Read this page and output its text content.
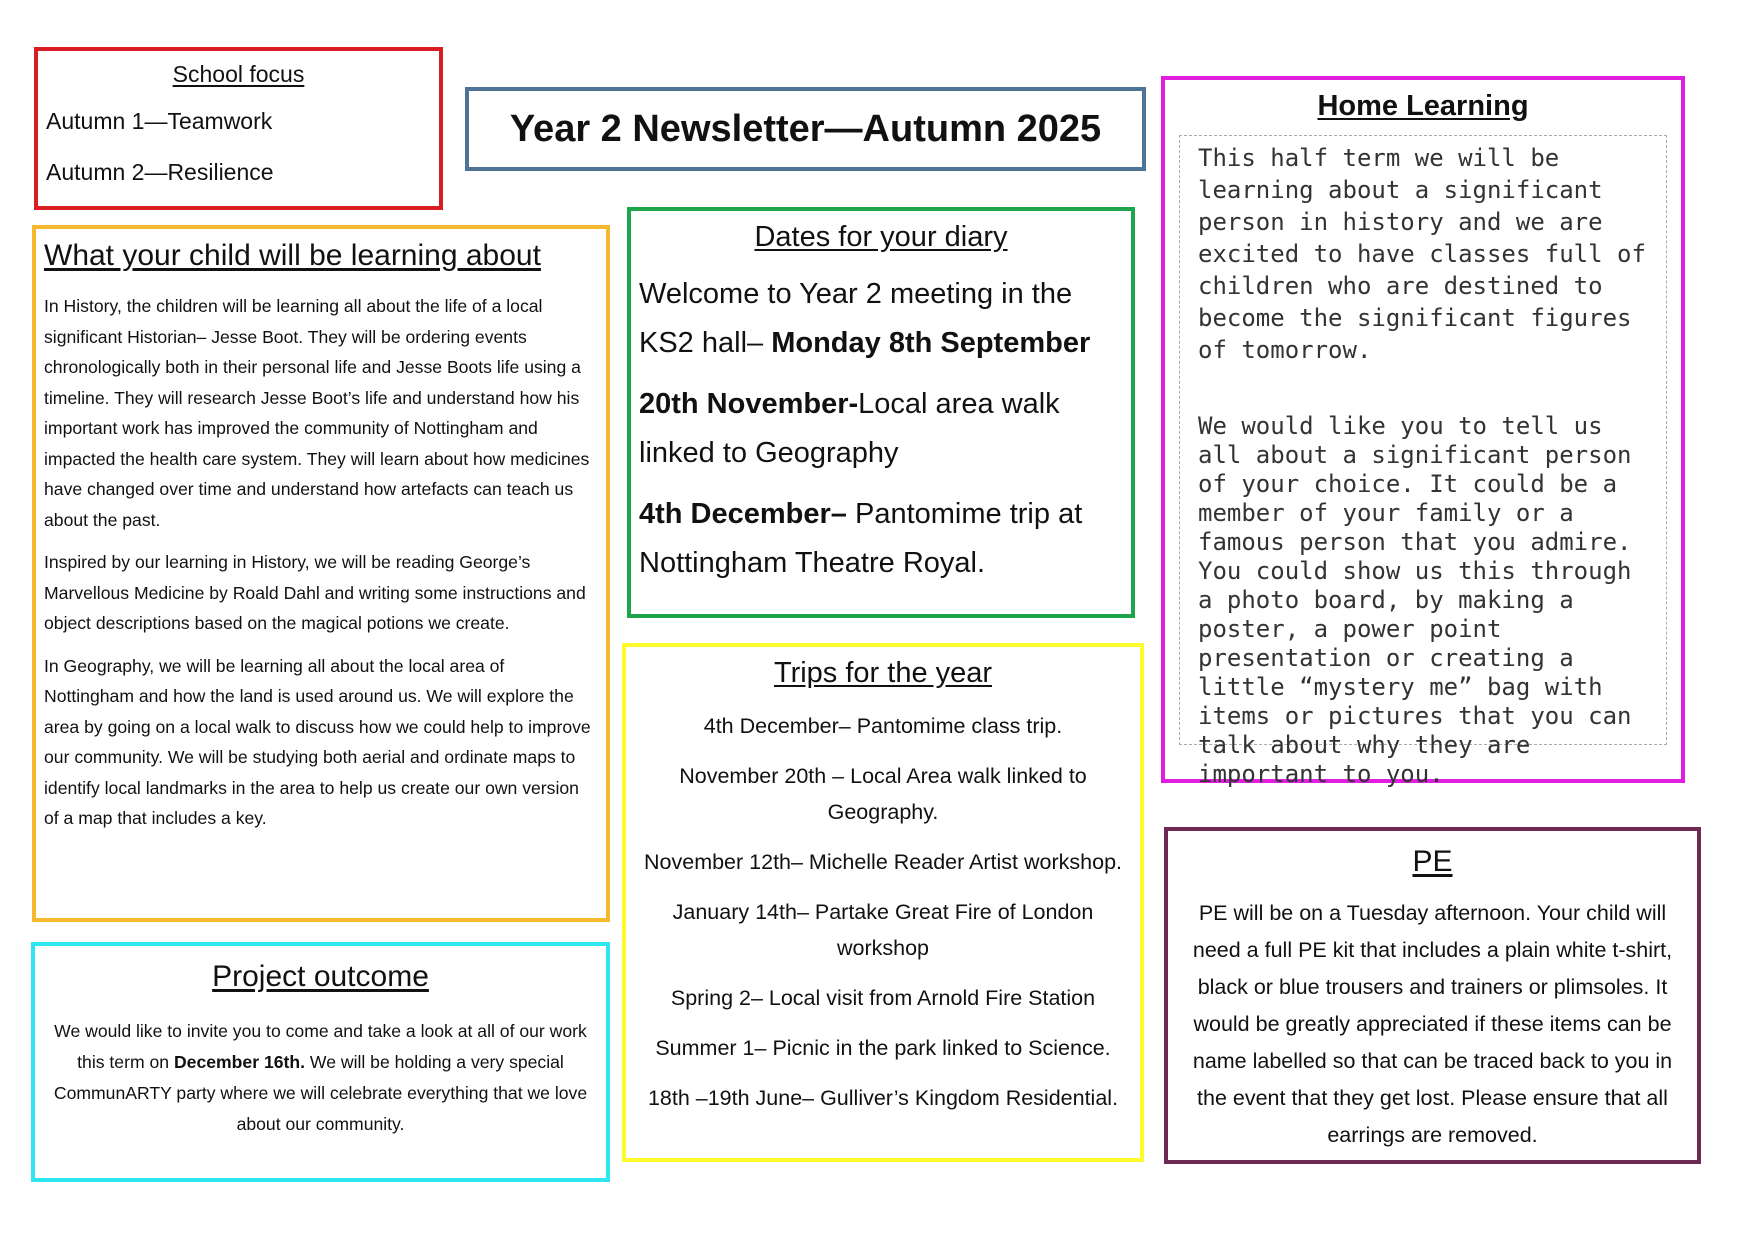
School focus

Autumn 1—Teamwork

Autumn 2—Resilience

Year 2 Newsletter—Autumn 2025

Home Learning

This half term we will be learning about a significant person in history and we are excited to have classes full of children who are destined to become the significant figures of tomorrow.

We would like you to tell us all about a significant person of your choice. It could be a member of your family or a famous person that you admire. You could show us this through a photo board, by making a poster, a power point presentation or creating a little “mystery me” bag with items or pictures that you can talk about why they are important to you.

What your child will be learning about

In History, the children will be learning all about the life of a local significant Historian– Jesse Boot. They will be ordering events chronologically both in their personal life and Jesse Boots life using a timeline. They will research Jesse Boot’s life and understand how his important work has improved the community of Nottingham and impacted the health care system. They will learn about how medicines have changed over time and understand how artefacts can teach us about the past.

Inspired by our learning in History, we will be reading George’s Marvellous Medicine by Roald Dahl and writing some instructions and object descriptions based on the magical potions we create.

In Geography, we will be learning all about the local area of Nottingham and how the land is used around us. We will explore the area by going on a local walk to discuss how we could help to improve our community. We will be studying both aerial and ordinate maps to identify local landmarks in the area to help us create our own version of a map that includes a key.

Dates for your diary

Welcome to Year 2 meeting in the KS2 hall– Monday 8th September

20th November-Local area walk linked to Geography

4th December– Pantomime trip at Nottingham Theatre Royal.

Trips for the year

4th December– Pantomime class trip.

November 20th – Local Area walk linked to Geography.

November 12th– Michelle Reader Artist workshop.

January 14th– Partake Great Fire of London workshop

Spring 2– Local visit from Arnold Fire Station

Summer 1– Picnic in the park linked to Science.

18th –19th June– Gulliver’s Kingdom Residential.

Project outcome

We would like to invite you to come and take a look at all of our work this term on December 16th. We will be holding a very special CommunARTY party where we will celebrate everything that we love about our community.

PE

PE will be on a Tuesday afternoon. Your child will need a full PE kit that includes a plain white t-shirt, black or blue trousers and trainers or plimsoles. It would be greatly appreciated if these items can be name labelled so that can be traced back to you in the event that they get lost. Please ensure that all earrings are removed.
